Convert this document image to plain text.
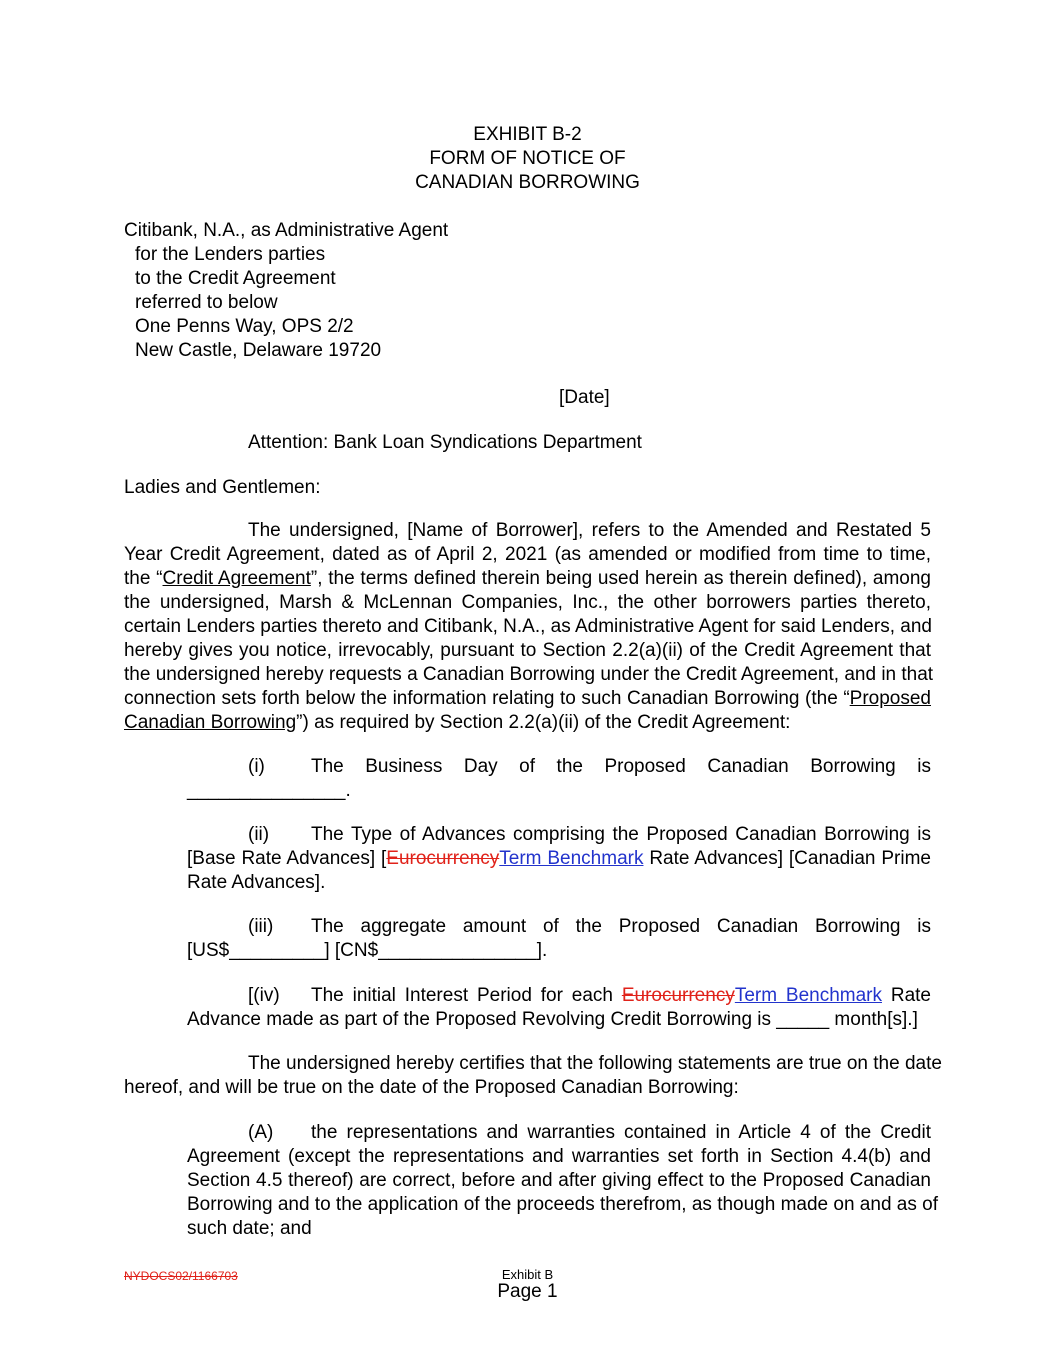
EXHIBIT B-2
FORM OF NOTICE OF
CANADIAN BORROWING
Citibank, N.A., as Administrative Agent
for the Lenders parties
to the Credit Agreement
referred to below
One Penns Way, OPS 2/2
New Castle, Delaware 19720
[Date]
Attention: Bank Loan Syndications Department
Ladies and Gentlemen:
The undersigned, [Name of Borrower], refers to the Amended and Restated 5
Year Credit Agreement, dated as of April 2, 2021 (as amended or modified from time to time,
the “Credit Agreement”, the terms defined therein being used herein as therein defined), among
the undersigned, Marsh & McLennan Companies, Inc., the other borrowers parties thereto,
certain Lenders parties thereto and Citibank, N.A., as Administrative Agent for said Lenders, and
hereby gives you notice, irrevocably, pursuant to Section 2.2(a)(ii) of the Credit Agreement that
the undersigned hereby requests a Canadian Borrowing under the Credit Agreement, and in that
connection sets forth below the information relating to such Canadian Borrowing (the “Proposed
Canadian Borrowing”) as required by Section 2.2(a)(ii) of the Credit Agreement:
(i) The Business Day of the Proposed Canadian Borrowing is
_______________.
(ii) The Type of Advances comprising the Proposed Canadian Borrowing is
[Base Rate Advances] [EurocurrencyTerm Benchmark Rate Advances] [Canadian Prime
Rate Advances].
(iii) The aggregate amount of the Proposed Canadian Borrowing is
[US$_________] [CN$_______________].
[(iv) The initial Interest Period for each EurocurrencyTerm Benchmark Rate
Advance made as part of the Proposed Revolving Credit Borrowing is _____ month[s].]
The undersigned hereby certifies that the following statements are true on the date
hereof, and will be true on the date of the Proposed Canadian Borrowing:
(A) the representations and warranties contained in Article 4 of the Credit
Agreement (except the representations and warranties set forth in Section 4.4(b) and
Section 4.5 thereof) are correct, before and after giving effect to the Proposed Canadian
Borrowing and to the application of the proceeds therefrom, as though made on and as of
such date; and
NYDOCS02/1166703	Exhibit B
Page 1
